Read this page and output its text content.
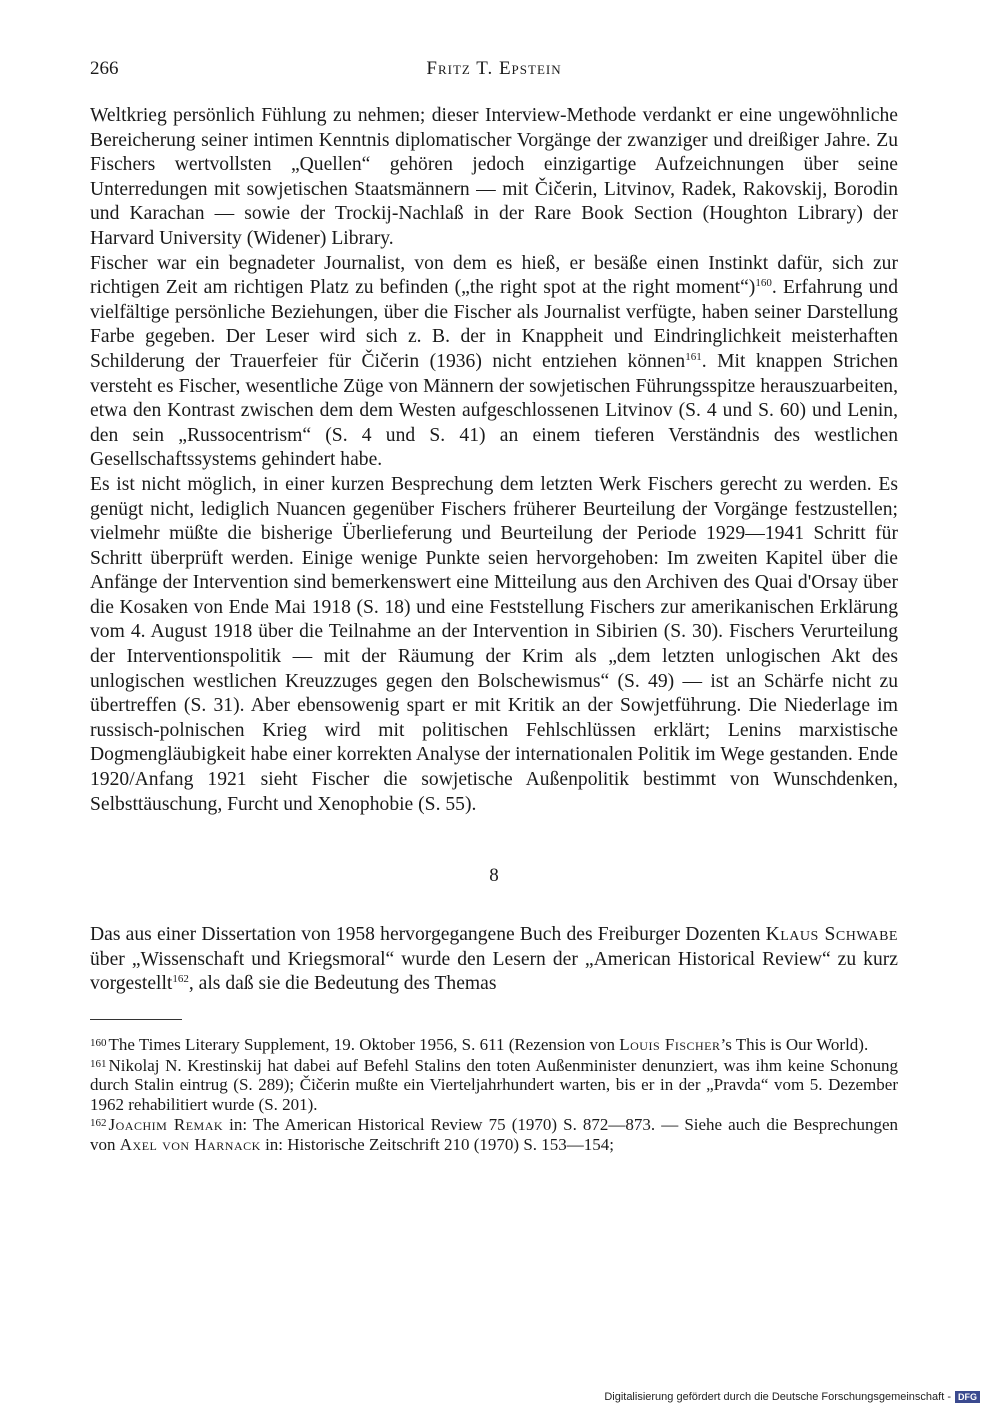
266	Fritz T. Epstein

Weltkrieg persönlich Fühlung zu nehmen; dieser Interview-Methode verdankt er eine ungewöhnliche Bereicherung seiner intimen Kenntnis diplomatischer Vorgänge der zwanziger und dreißiger Jahre. Zu Fischers wertvollsten „Quellen“ gehören jedoch einzigartige Aufzeichnungen über seine Unterredungen mit sowjetischen Staatsmännern — mit Čičerin, Litvinov, Radek, Rakovskij, Borodin und Karachan — sowie der Trockij-Nachlaß in der Rare Book Section (Houghton Library) der Harvard University (Widener) Library.

Fischer war ein begnadeter Journalist, von dem es hieß, er besäße einen Instinkt dafür, sich zur richtigen Zeit am richtigen Platz zu befinden („the right spot at the right moment“)$^{160}$. Erfahrung und vielfältige persönliche Beziehungen, über die Fischer als Journalist verfügte, haben seiner Darstellung Farbe gegeben. Der Leser wird sich z. B. der in Knappheit und Eindringlichkeit meisterhaften Schilderung der Trauerfeier für Čičerin (1936) nicht entziehen können$^{161}$. Mit knappen Strichen versteht es Fischer, wesentliche Züge von Männern der sowjetischen Führungsspitze herauszuarbeiten, etwa den Kontrast zwischen dem dem Westen aufgeschlossenen Litvinov (S. 4 und S. 60) und Lenin, den sein „Russocentrism“ (S. 4 und S. 41) an einem tieferen Verständnis des westlichen Gesellschaftssystems gehindert habe.

Es ist nicht möglich, in einer kurzen Besprechung dem letzten Werk Fischers gerecht zu werden. Es genügt nicht, lediglich Nuancen gegenüber Fischers früherer Beurteilung der Vorgänge festzustellen; vielmehr müßte die bisherige Überlieferung und Beurteilung der Periode 1929—1941 Schritt für Schritt überprüft werden. Einige wenige Punkte seien hervorgehoben: Im zweiten Kapitel über die Anfänge der Intervention sind bemerkenswert eine Mitteilung aus den Archiven des Quai d'Orsay über die Kosaken von Ende Mai 1918 (S. 18) und eine Feststellung Fischers zur amerikanischen Erklärung vom 4. August 1918 über die Teilnahme an der Intervention in Sibirien (S. 30). Fischers Verurteilung der Interventionspolitik — mit der Räumung der Krim als „dem letzten unlogischen Akt des unlogischen westlichen Kreuzzuges gegen den Bolschewismus“ (S. 49) — ist an Schärfe nicht zu übertreffen (S. 31). Aber ebensowenig spart er mit Kritik an der Sowjetführung. Die Niederlage im russisch-polnischen Krieg wird mit politischen Fehlschlüssen erklärt; Lenins marxistische Dogmengläubigkeit habe einer korrekten Analyse der internationalen Politik im Wege gestanden. Ende 1920/Anfang 1921 sieht Fischer die sowjetische Außenpolitik bestimmt von Wunschdenken, Selbsttäuschung, Furcht und Xenophobie (S. 55).

8

Das aus einer Dissertation von 1958 hervorgegangene Buch des Freiburger Dozenten Klaus Schwabe über „Wissenschaft und Kriegsmoral“ wurde den Lesern der „American Historical Review“ zu kurz vorgestellt$^{162}$, als daß sie die Bedeutung des Themas

$^{160}$ The Times Literary Supplement, 19. Oktober 1956, S. 611 (Rezension von Louis Fischer’s This is Our World).

$^{161}$ Nikolaj N. Krestinskij hat dabei auf Befehl Stalins den toten Außenminister denunziert, was ihm keine Schonung durch Stalin eintrug (S. 289); Čičerin mußte ein Vierteljahrhundert warten, bis er in der „Pravda“ vom 5. Dezember 1962 rehabilitiert wurde (S. 201).

$^{162}$ Joachim Remak in: The American Historical Review 75 (1970) S. 872—873. — Siehe auch die Besprechungen von Axel von Harnack in: Historische Zeitschrift 210 (1970) S. 153—154;

Digitalisierung gefördert durch die Deutsche Forschungsgemeinschaft - DFG
